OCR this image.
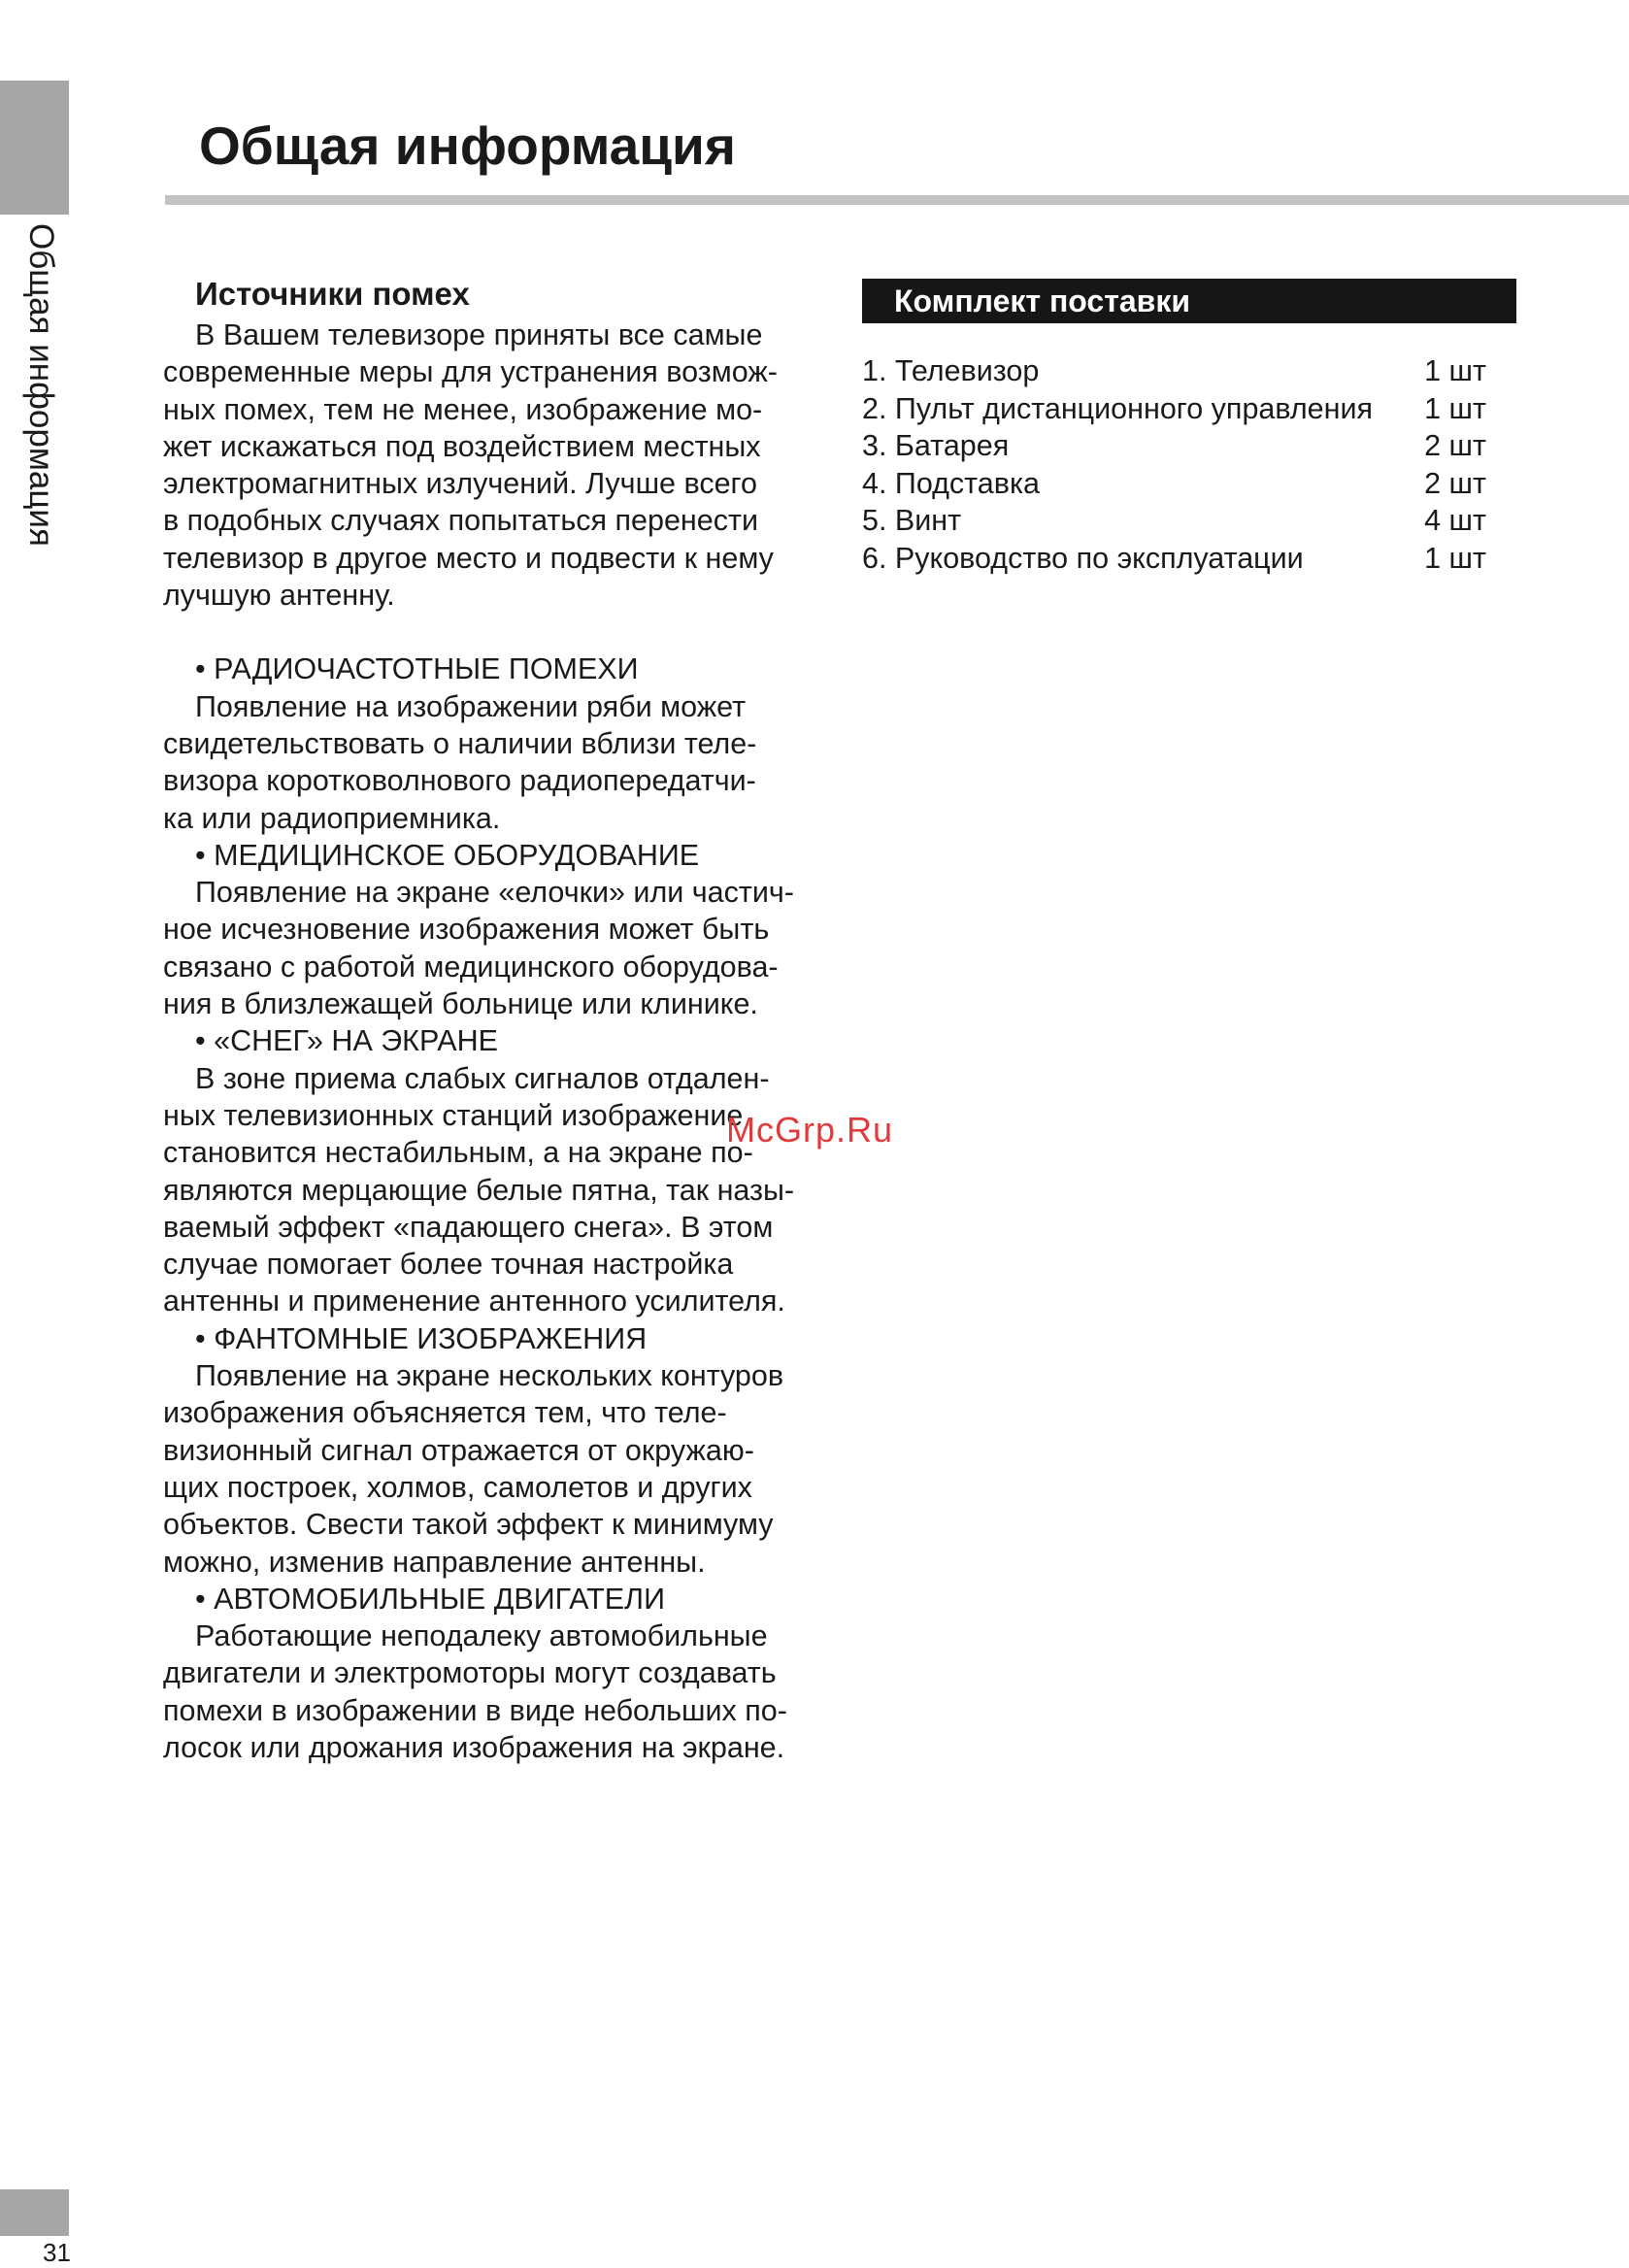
Общая информация
31
Общая информация
Источники помех

В Вашем телевизоре приняты все самые

современные меры для устранения возмож-

ных помех, тем не менее, изображение мо-

жет искажаться под воздействием местных

электромагнитных излучений. Лучше всего

в подобных случаях попытаться перенести

телевизор в другое место и подвести к нему

лучшую антенну.

• РАДИОЧАСТОТНЫЕ ПОМЕХИ

Появление на изображении ряби может

свидетельствовать о наличии вблизи теле-

визора коротковолнового радиопередатчи-

ка или радиоприемника.

• МЕДИЦИНСКОЕ ОБОРУДОВАНИЕ

Появление на экране «елочки» или частич-

ное исчезновение изображения может быть

связано с работой медицинского оборудова-

ния в близлежащей больнице или клинике.

• «СНЕГ» НА ЭКРАНЕ

В зоне приема слабых сигналов отдален-

ных телевизионных станций изображение

становится нестабильным, а на экране по-

являются мерцающие белые пятна, так назы-

ваемый эффект «падающего снега». В этом

случае помогает более точная настройка

антенны и применение антенного усилителя.

• ФАНТОМНЫЕ ИЗОБРАЖЕНИЯ

Появление на экране нескольких контуров

изображения объясняется тем, что теле-

визионный сигнал отражается от окружаю-

щих построек, холмов, самолетов и других

объектов. Свести такой эффект к минимуму

можно, изменив направление антенны.

• АВТОМОБИЛЬНЫЕ ДВИГАТЕЛИ

Работающие неподалеку автомобильные

двигатели и электромоторы могут создавать

помехи в изображении в виде небольших по-

лосок или дрожания изображения на экране.

Комплект поставки
1. Телевизор	1 шт
2. Пульт дистанционного управления 1 шт
3. Батарея	2 шт
4. Подставка	2 шт
5. Винт	4 шт
6. Руководство по эксплуатации	1 шт
McGrp.Ru
